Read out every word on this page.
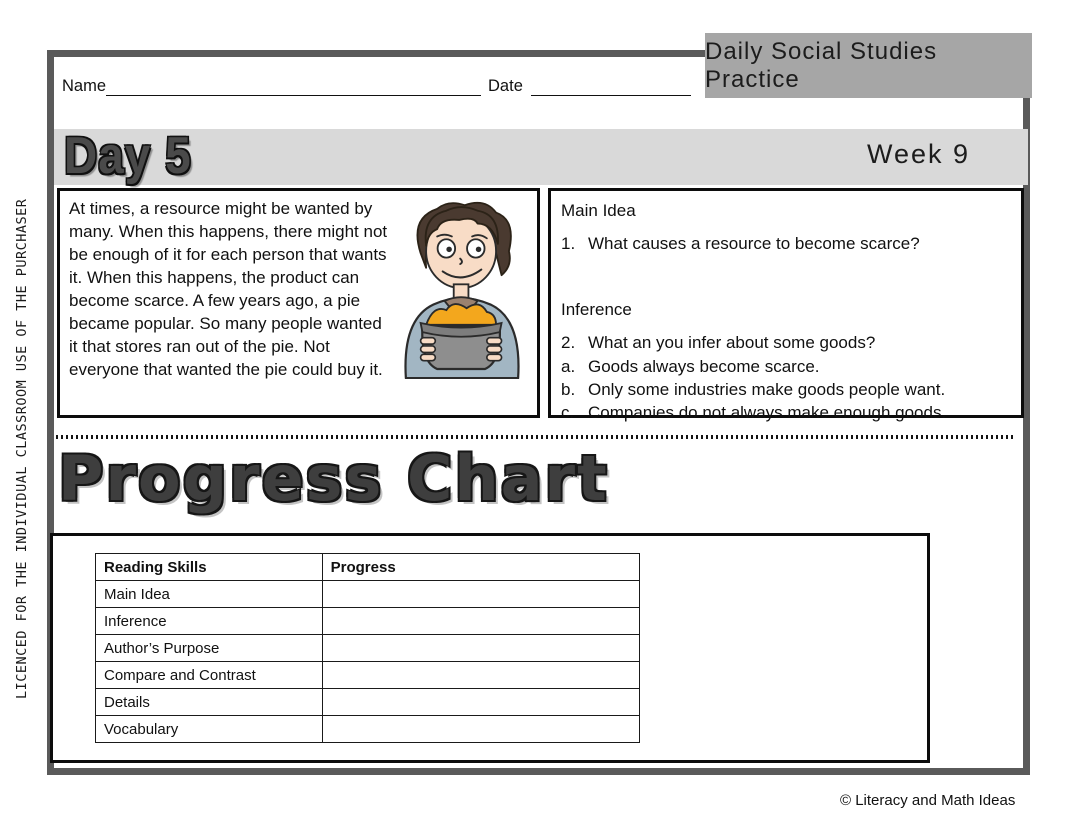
LICENCED FOR THE INDIVIDUAL CLASSROOM USE OF THE PURCHASER
Daily Social Studies Practice
Name	Date
Day 5	Week 9
At times, a resource might be wanted by many. When this happens, there might not be enough of it for each person that wants it. When this happens, the product can become scarce. A few years ago, a pie became popular. So many people wanted it that stores ran out of the pie. Not everyone that wanted the pie could buy it.
Main Idea
1. What causes a resource to become scarce?
Inference
2. What an you infer about some goods?
a. Goods always become scarce.
b. Only some industries make goods people want.
c. Companies do not always make enough goods.
Progress Chart
Reading Skills	Progress
Main Idea	
Inference	
Author’s Purpose	
Compare and Contrast	
Details	
Vocabulary	
© Literacy and Math Ideas
